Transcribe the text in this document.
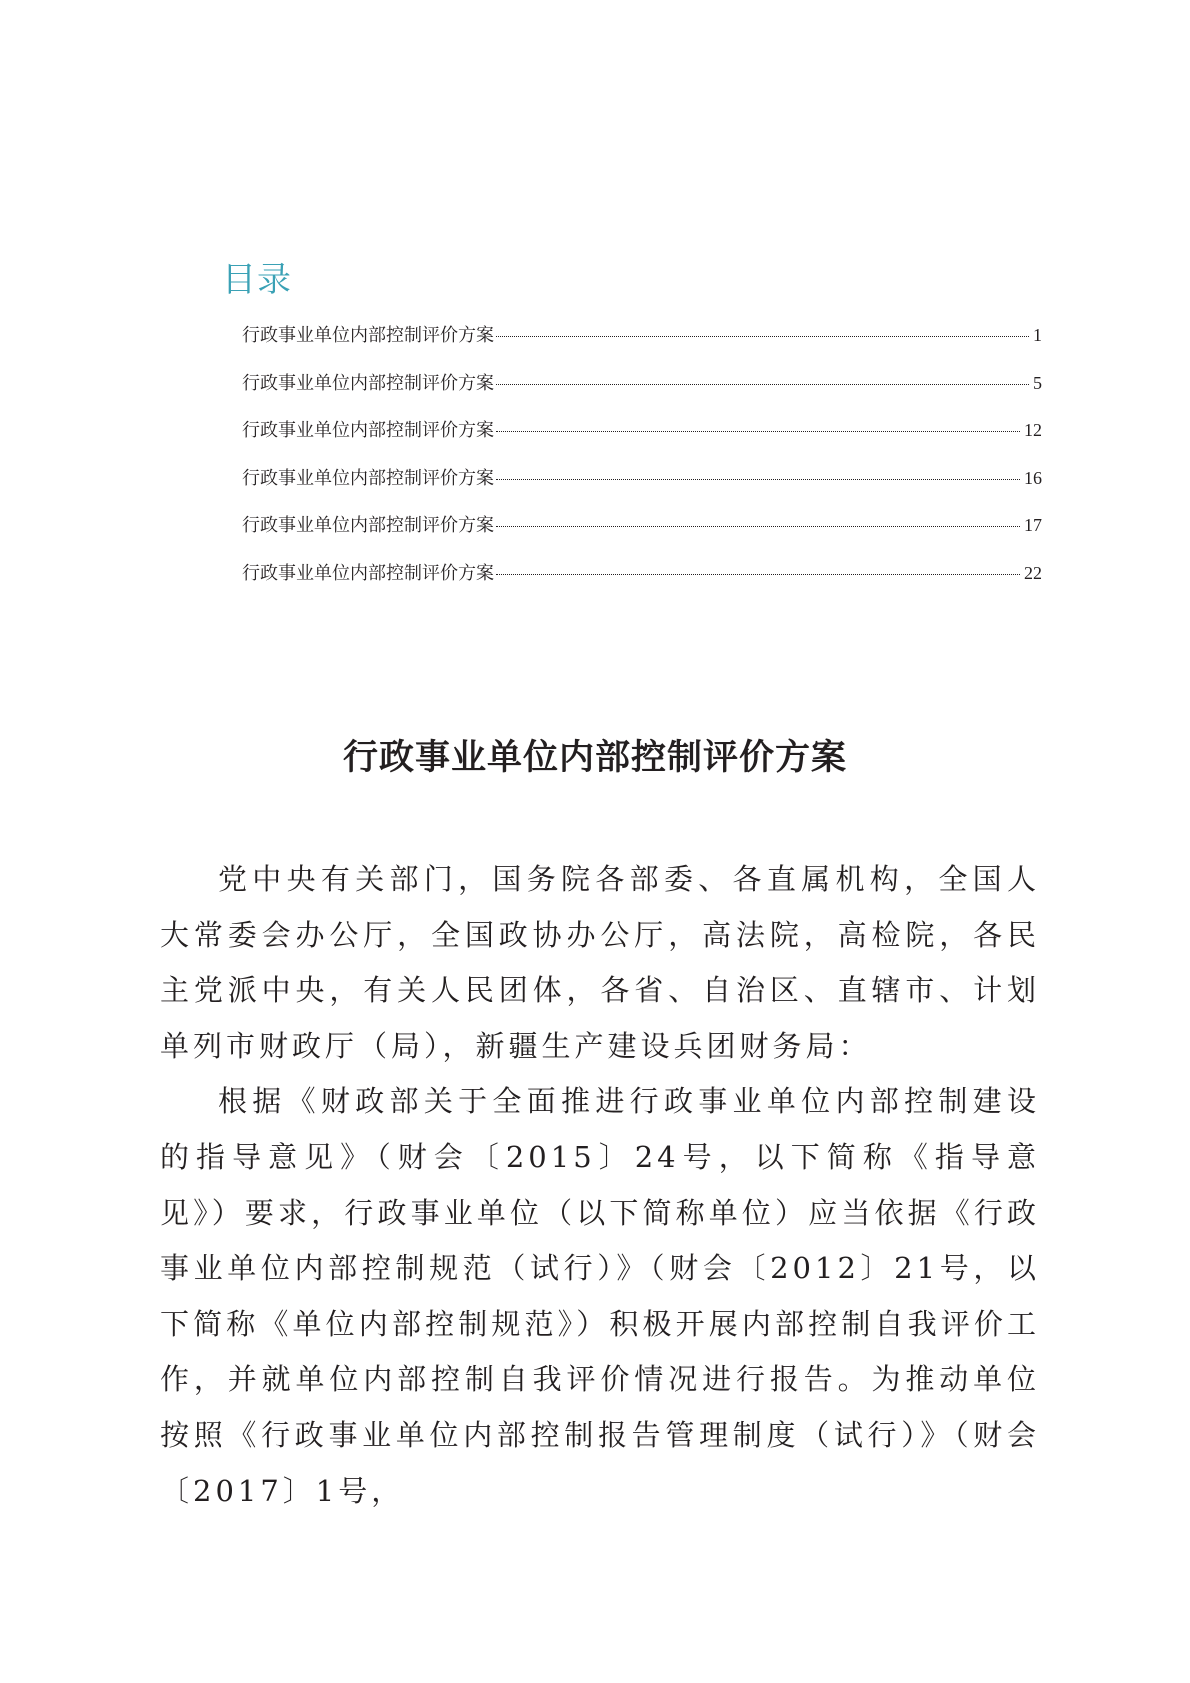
目录
行政事业单位内部控制评价方案	1
行政事业单位内部控制评价方案	5
行政事业单位内部控制评价方案	12
行政事业单位内部控制评价方案	16
行政事业单位内部控制评价方案	17
行政事业单位内部控制评价方案	22
行政事业单位内部控制评价方案

党中央有关部门，国务院各部委、各直属机构，全国人大常委会办公厅，全国政协办公厅，高法院，高检院，各民主党派中央，有关人民团体，各省、自治区、直辖市、计划单列市财政厅（局），新疆生产建设兵团财务局：

根据《财政部关于全面推进行政事业单位内部控制建设的指导意见》（财会〔2015〕24号，以下简称《指导意见》）要求，行政事业单位（以下简称单位）应当依据《行政事业单位内部控制规范（试行）》（财会〔2012〕21号，以下简称《单位内部控制规范》）积极开展内部控制自我评价工作，并就单位内部控制自我评价情况进行报告。为推动单位按照《行政事业单位内部控制报告管理制度（试行）》（财会〔2017〕1号，
